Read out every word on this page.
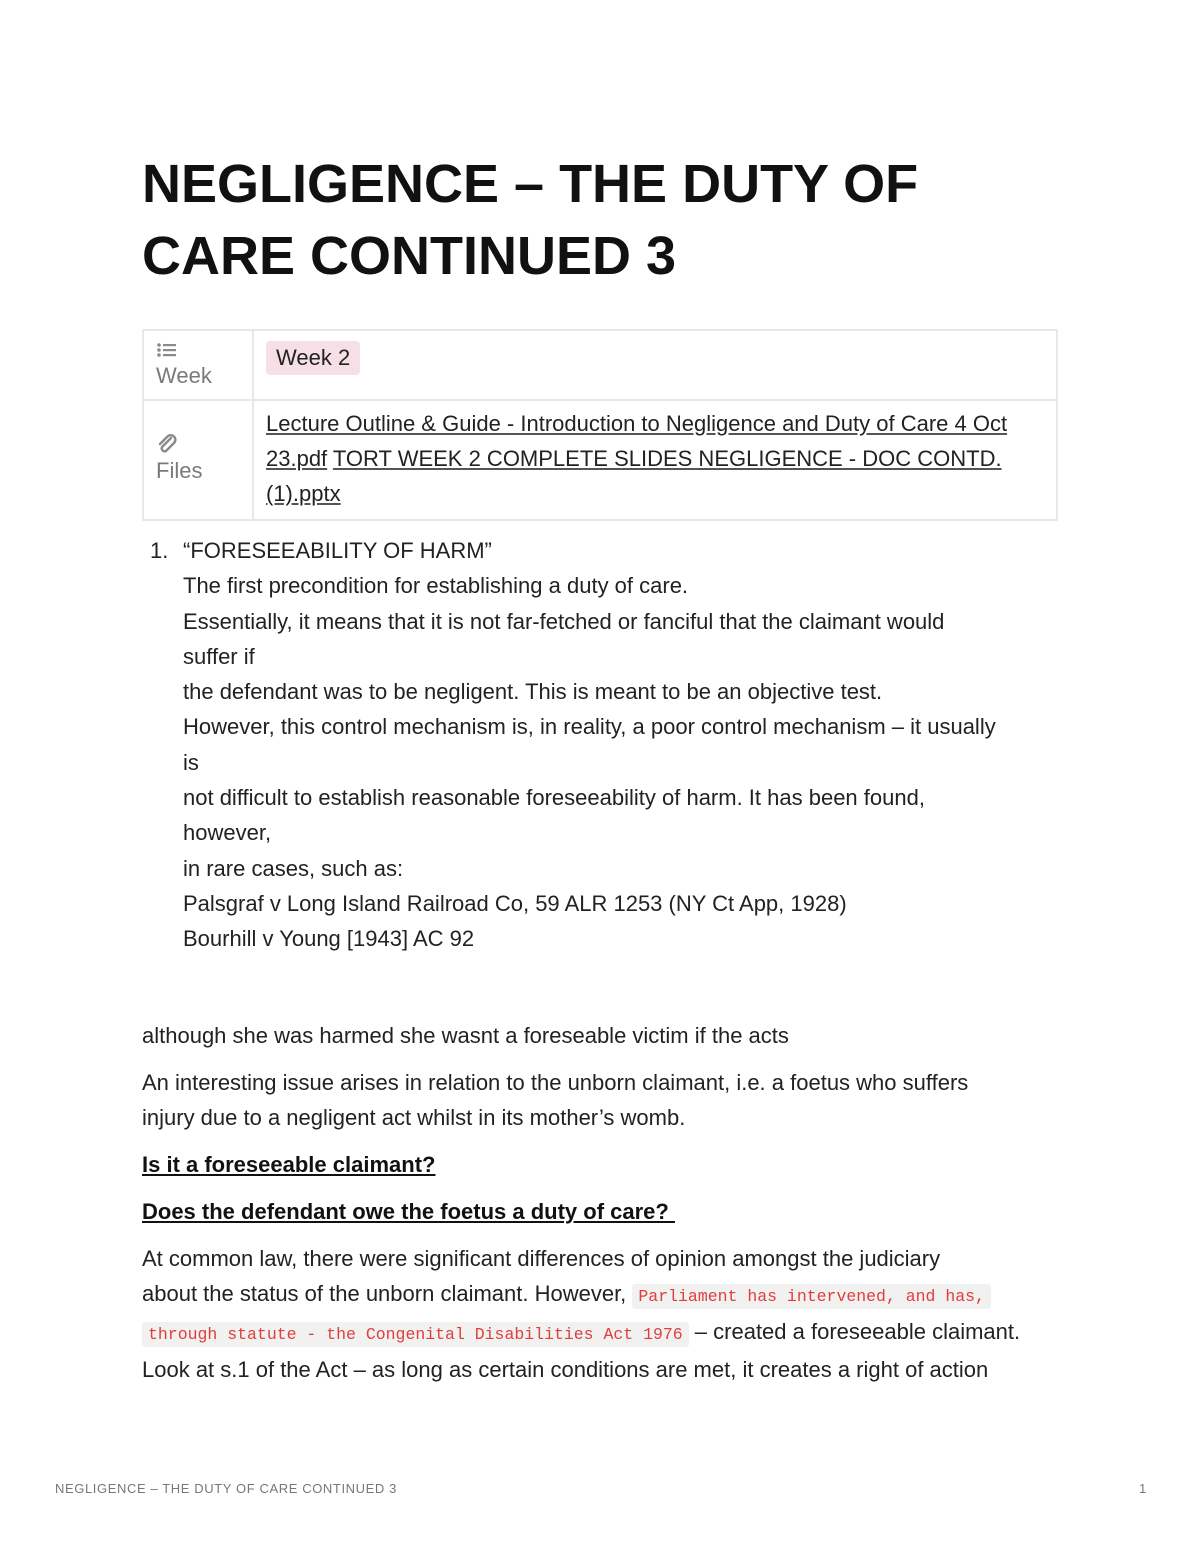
NEGLIGENCE – THE DUTY OF CARE CONTINUED 3
Week	Week 2

Files	Lecture Outline & Guide - Introduction to Negligence and Duty of Care 4 Oct 23.pdf TORT WEEK 2 COMPLETE SLIDES NEGLIGENCE - DOC CONTD. (1).pptx
1. “FORESEEABILITY OF HARM”
The first precondition for establishing a duty of care.
Essentially, it means that it is not far-fetched or fanciful that the claimant would
suffer if
the defendant was to be negligent. This is meant to be an objective test.
However, this control mechanism is, in reality, a poor control mechanism – it usually
is
not difficult to establish reasonable foreseeability of harm. It has been found,
however,
in rare cases, such as:
Palsgraf v Long Island Railroad Co, 59 ALR 1253 (NY Ct App, 1928)
Bourhill v Young [1943] AC 92
although she was harmed she wasnt a foreseable victim if the acts
An interesting issue arises in relation to the unborn claimant, i.e. a foetus who suffers
injury due to a negligent act whilst in its mother’s womb.
Is it a foreseeable claimant?
Does the defendant owe the foetus a duty of care?
At common law, there were significant differences of opinion amongst the judiciary
about the status of the unborn claimant. However, Parliament has intervened, and has,
through statute - the Congenital Disabilities Act 1976 – created a foreseeable claimant.
Look at s.1 of the Act – as long as certain conditions are met, it creates a right of action
NEGLIGENCE – THE DUTY OF CARE CONTINUED 3	1
